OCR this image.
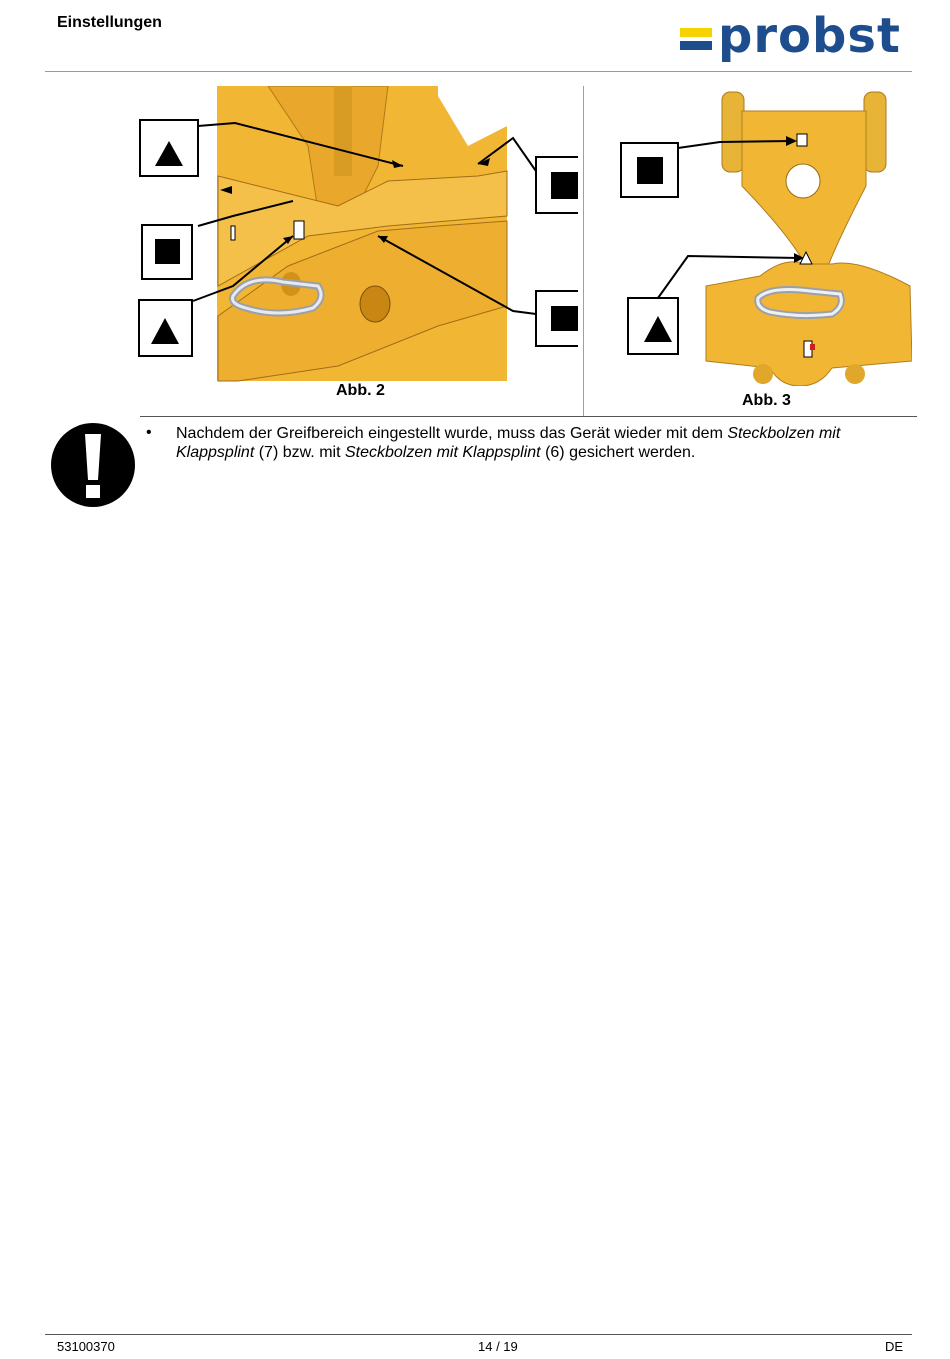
Einstellungen	probst
Abb. 2
Abb. 3
• Nachdem der Greifbereich eingestellt wurde, muss das Gerät wieder mit dem Steckbolzen mit Klappsplint (7) bzw. mit Steckbolzen mit Klappsplint (6) gesichert werden.
53100370	14 / 19	DE
